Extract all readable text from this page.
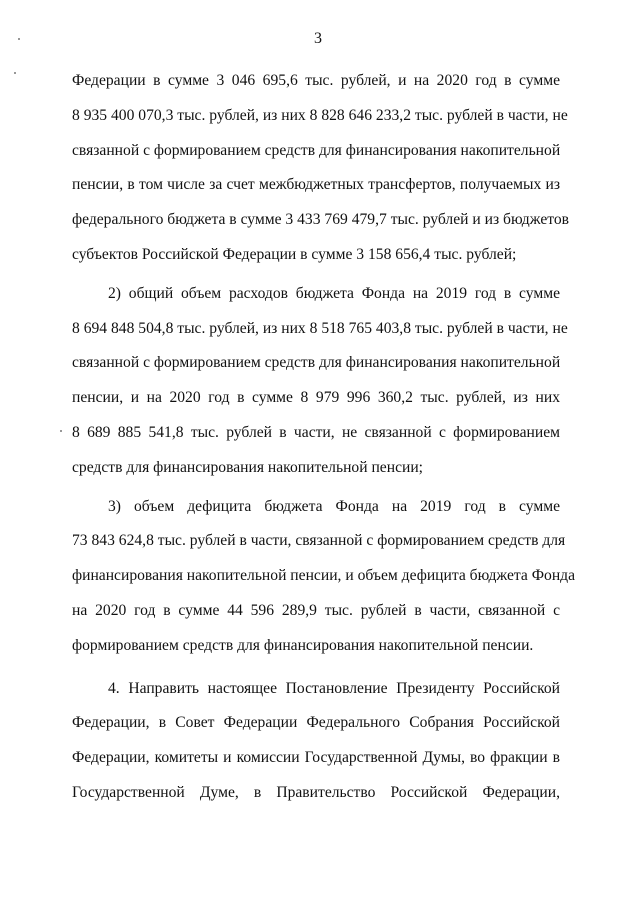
3
Федерации в сумме 3 046 695,6 тыс. рублей, и на 2020 год в сумме
8 935 400 070,3 тыс. рублей, из них 8 828 646 233,2 тыс. рублей в части, не
связанной с формированием средств для финансирования накопительной
пенсии, в том числе за счет межбюджетных трансфертов, получаемых из
федерального бюджета в сумме 3 433 769 479,7 тыс. рублей и из бюджетов
субъектов Российской Федерации в сумме 3 158 656,4 тыс. рублей;
2) общий объем расходов бюджета Фонда на 2019 год в сумме
8 694 848 504,8 тыс. рублей, из них 8 518 765 403,8 тыс. рублей в части, не
связанной с формированием средств для финансирования накопительной
пенсии, и на 2020 год в сумме 8 979 996 360,2 тыс. рублей, из них
8 689 885 541,8 тыс. рублей в части, не связанной с формированием
средств для финансирования накопительной пенсии;
3) объем дефицита бюджета Фонда на 2019 год в сумме
73 843 624,8 тыс. рублей в части, связанной с формированием средств для
финансирования накопительной пенсии, и объем дефицита бюджета Фонда
на 2020 год в сумме 44 596 289,9 тыс. рублей в части, связанной с
формированием средств для финансирования накопительной пенсии.
4. Направить настоящее Постановление Президенту Российской
Федерации, в Совет Федерации Федерального Собрания Российской
Федерации, комитеты и комиссии Государственной Думы, во фракции в
Государственной Думе, в Правительство Российской Федерации,
